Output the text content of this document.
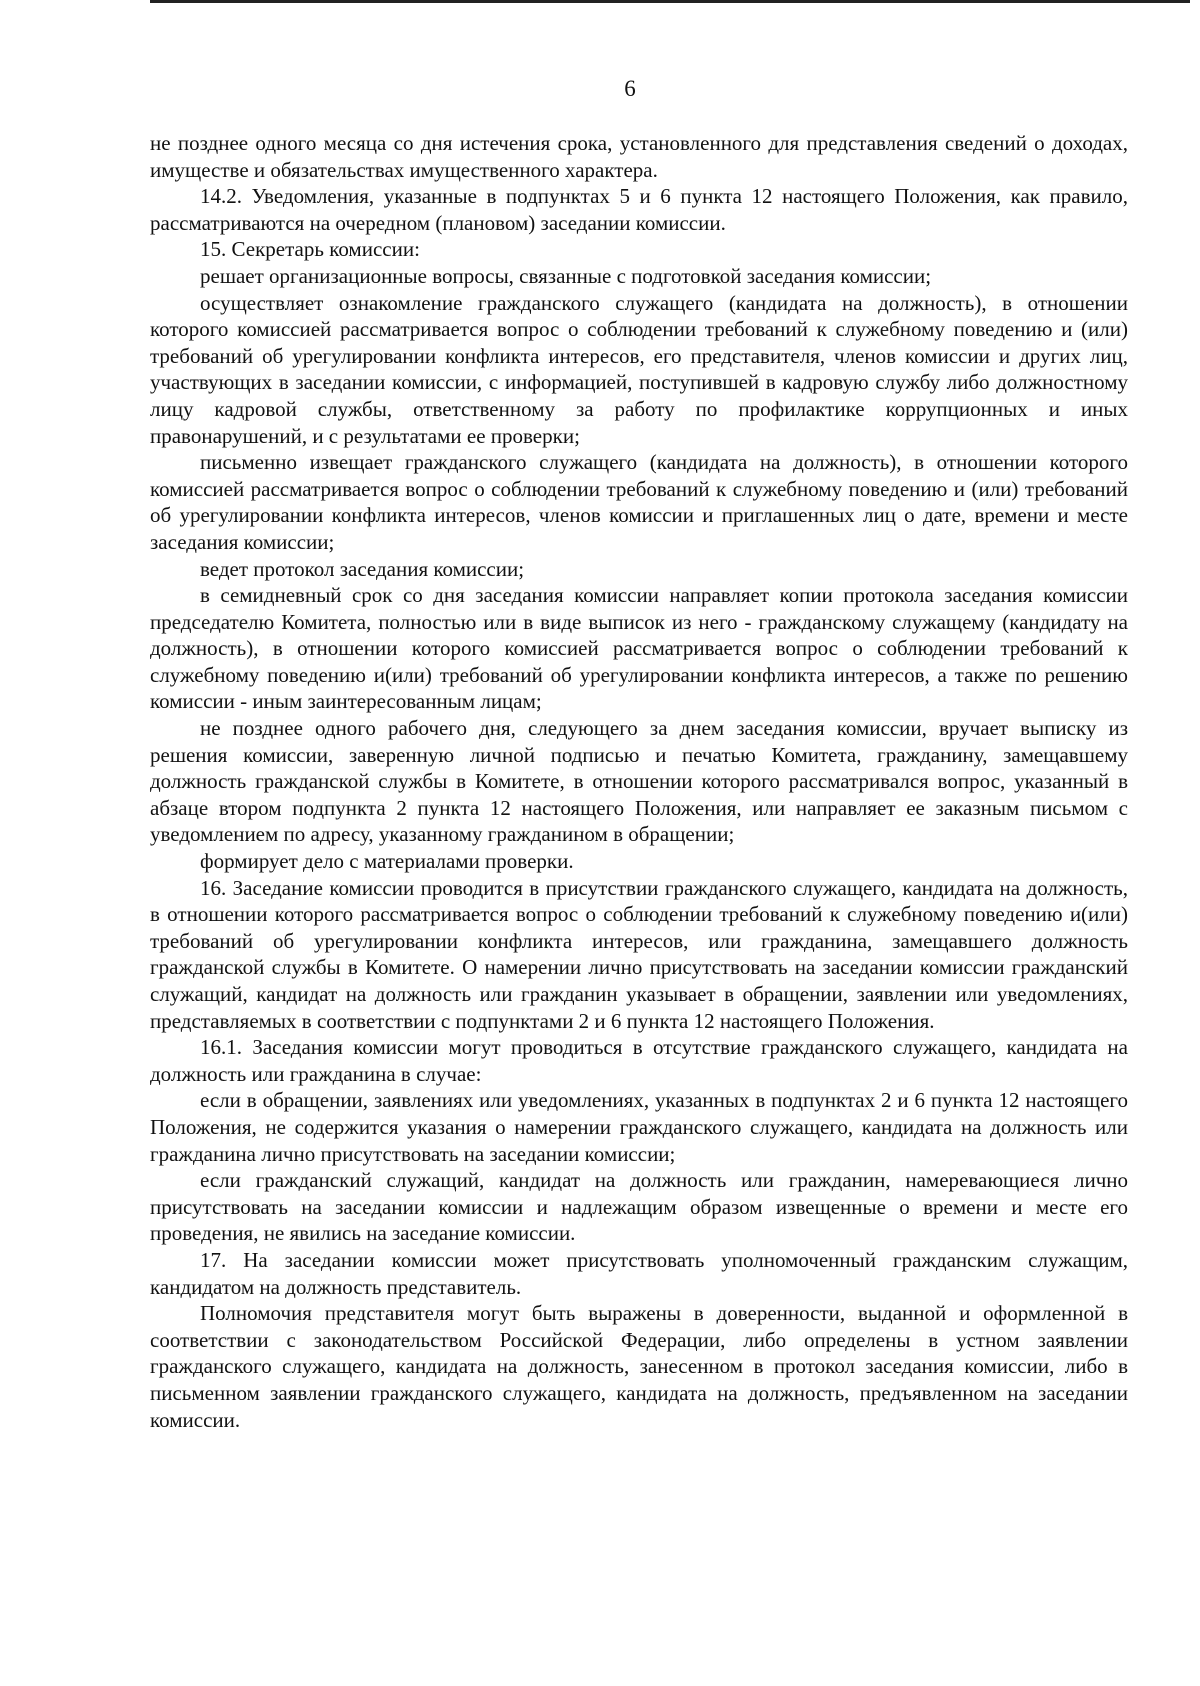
6

не позднее одного месяца со дня истечения срока, установленного для представления сведений о доходах, имуществе и обязательствах имущественного характера.

14.2. Уведомления, указанные в подпунктах 5 и 6 пункта 12 настоящего Положения, как правило, рассматриваются на очередном (плановом) заседании комиссии.

15. Секретарь комиссии:

решает организационные вопросы, связанные с подготовкой заседания комиссии;

осуществляет ознакомление гражданского служащего (кандидата на должность), в отношении которого комиссией рассматривается вопрос о соблюдении требований к служебному поведению и (или) требований об урегулировании конфликта интересов, его представителя, членов комиссии и других лиц, участвующих в заседании комиссии, с информацией, поступившей в кадровую службу либо должностному лицу кадровой службы, ответственному за работу по профилактике коррупционных и иных правонарушений, и с результатами ее проверки;

письменно извещает гражданского служащего (кандидата на должность), в отношении которого комиссией рассматривается вопрос о соблюдении требований к служебному поведению и (или) требований об урегулировании конфликта интересов, членов комиссии и приглашенных лиц о дате, времени и месте заседания комиссии;

ведет протокол заседания комиссии;

в семидневный срок со дня заседания комиссии направляет копии протокола заседания комиссии председателю Комитета, полностью или в виде выписок из него - гражданскому служащему (кандидату на должность), в отношении которого комиссией рассматривается вопрос о соблюдении требований к служебному поведению и(или) требований об урегулировании конфликта интересов, а также по решению комиссии - иным заинтересованным лицам;

не позднее одного рабочего дня, следующего за днем заседания комиссии, вручает выписку из решения комиссии, заверенную личной подписью и печатью Комитета, гражданину, замещавшему должность гражданской службы в Комитете, в отношении которого рассматривался вопрос, указанный в абзаце втором подпункта 2 пункта 12 настоящего Положения, или направляет ее заказным письмом с уведомлением по адресу, указанному гражданином в обращении;

формирует дело с материалами проверки.

16. Заседание комиссии проводится в присутствии гражданского служащего, кандидата на должность, в отношении которого рассматривается вопрос о соблюдении требований к служебному поведению и(или) требований об урегулировании конфликта интересов, или гражданина, замещавшего должность гражданской службы в Комитете. О намерении лично присутствовать на заседании комиссии гражданский служащий, кандидат на должность или гражданин указывает в обращении, заявлении или уведомлениях, представляемых в соответствии с подпунктами 2 и 6 пункта 12 настоящего Положения.

16.1. Заседания комиссии могут проводиться в отсутствие гражданского служащего, кандидата на должность или гражданина в случае:

если в обращении, заявлениях или уведомлениях, указанных в подпунктах 2 и 6 пункта 12 настоящего Положения, не содержится указания о намерении гражданского служащего, кандидата на должность или гражданина лично присутствовать на заседании комиссии;

если гражданский служащий, кандидат на должность или гражданин, намеревающиеся лично присутствовать на заседании комиссии и надлежащим образом извещенные о времени и месте его проведения, не явились на заседание комиссии.

17. На заседании комиссии может присутствовать уполномоченный гражданским служащим, кандидатом на должность представитель.

Полномочия представителя могут быть выражены в доверенности, выданной и оформленной в соответствии с законодательством Российской Федерации, либо определены в устном заявлении гражданского служащего, кандидата на должность, занесенном в протокол заседания комиссии, либо в письменном заявлении гражданского служащего, кандидата на должность, предъявленном на заседании комиссии.
